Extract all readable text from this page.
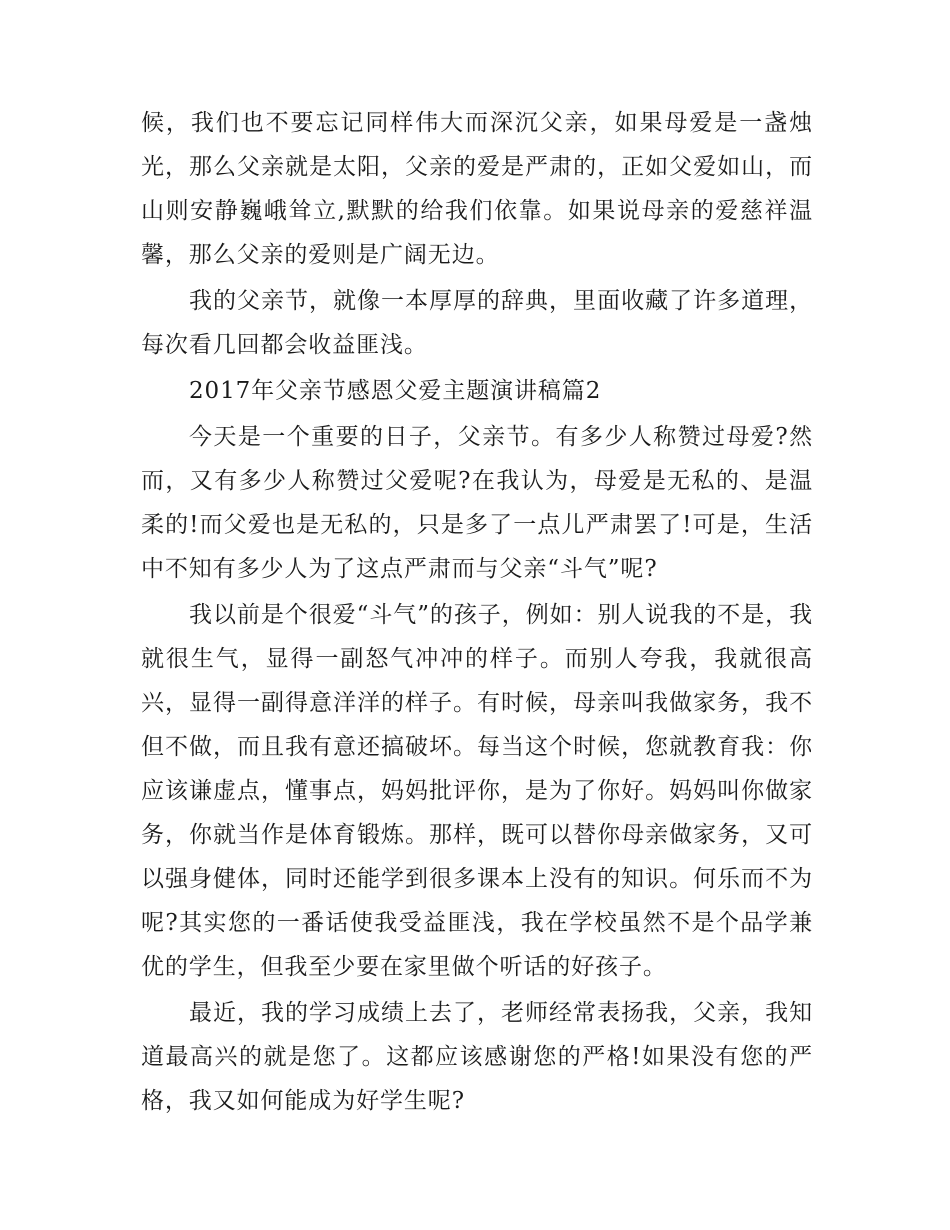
候，我们也不要忘记同样伟大而深沉父亲，如果母爱是一盏烛光，那么父亲就是太阳，父亲的爱是严肃的，正如父爱如山，而山则安静巍峨耸立,默默的给我们依靠。如果说母亲的爱慈祥温馨，那么父亲的爱则是广阔无边。

我的父亲节，就像一本厚厚的辞典，里面收藏了许多道理，每次看几回都会收益匪浅。

2017年父亲节感恩父爱主题演讲稿篇2

今天是一个重要的日子，父亲节。有多少人称赞过母爱?然而，又有多少人称赞过父爱呢?在我认为，母爱是无私的、是温柔的!而父爱也是无私的，只是多了一点儿严肃罢了!可是，生活中不知有多少人为了这点严肃而与父亲“斗气”呢?

我以前是个很爱“斗气”的孩子，例如：别人说我的不是，我就很生气，显得一副怒气冲冲的样子。而别人夸我，我就很高兴，显得一副得意洋洋的样子。有时候，母亲叫我做家务，我不但不做，而且我有意还搞破坏。每当这个时候，您就教育我：你应该谦虚点，懂事点，妈妈批评你，是为了你好。妈妈叫你做家务，你就当作是体育锻炼。那样，既可以替你母亲做家务，又可以强身健体，同时还能学到很多课本上没有的知识。何乐而不为呢?其实您的一番话使我受益匪浅，我在学校虽然不是个品学兼优的学生，但我至少要在家里做个听话的好孩子。

最近，我的学习成绩上去了，老师经常表扬我，父亲，我知道最高兴的就是您了。这都应该感谢您的严格!如果没有您的严格，我又如何能成为好学生呢?
